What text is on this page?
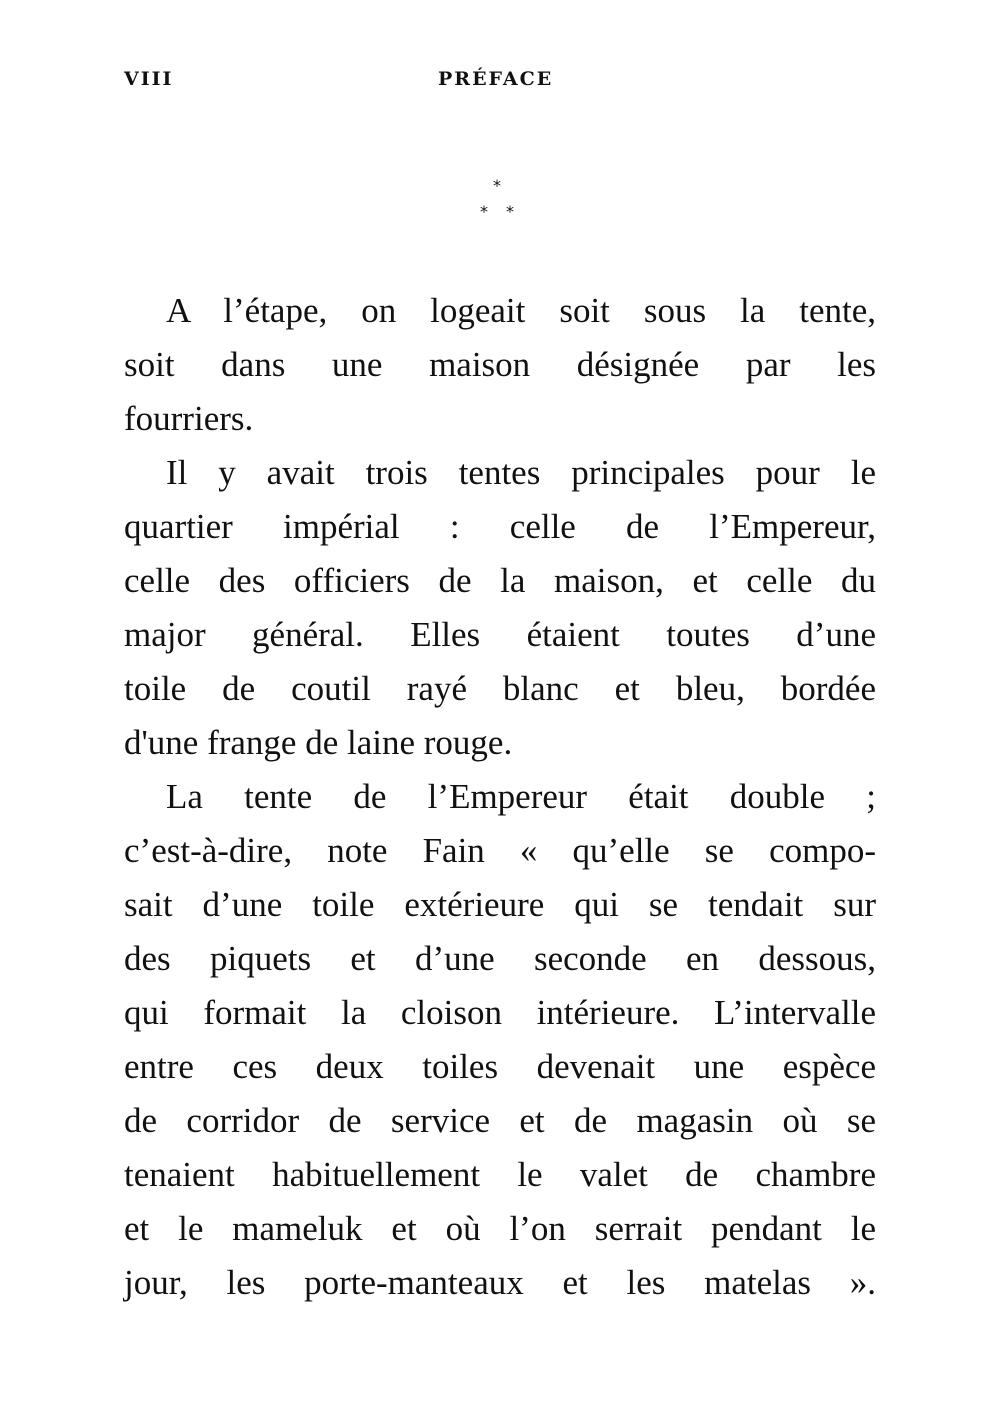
VIII	PRÉFACE
*
* *
A l’étape, on logeait soit sous la tente,
soit dans une maison désignée par les
fourriers.
Il y avait trois tentes principales pour le
quartier impérial : celle de l’Empereur,
celle des officiers de la maison, et celle du
major général. Elles étaient toutes d’une
toile de coutil rayé blanc et bleu, bordée
d'une frange de laine rouge.
La tente de l’Empereur était double ;
c’est-à-dire, note Fain « qu’elle se compo-
sait d’une toile extérieure qui se tendait sur
des piquets et d’une seconde en dessous,
qui formait la cloison intérieure. L’intervalle
entre ces deux toiles devenait une espèce
de corridor de service et de magasin où se
tenaient habituellement le valet de chambre
et le mameluk et où l’on serrait pendant le
jour, les porte-manteaux et les matelas ».
